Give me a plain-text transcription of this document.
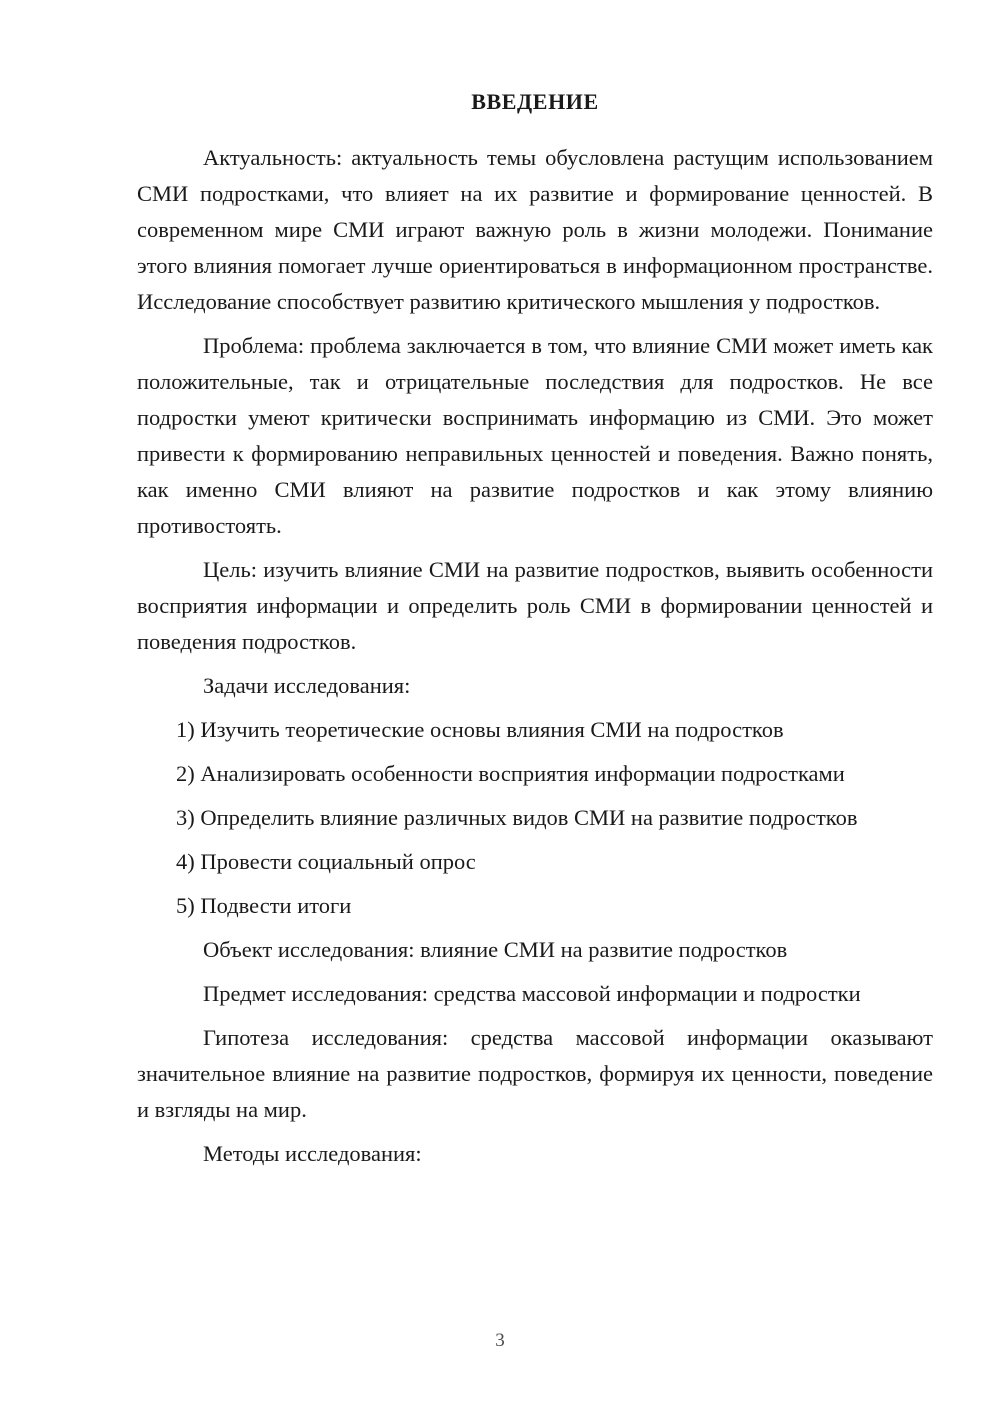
ВВЕДЕНИЕ

Актуальность: актуальность темы обусловлена растущим использованием СМИ подростками, что влияет на их развитие и формирование ценностей. В современном мире СМИ играют важную роль в жизни молодежи. Понимание этого влияния помогает лучше ориентироваться в информационном пространстве. Исследование способствует развитию критического мышления у подростков.

Проблема: проблема заключается в том, что влияние СМИ может иметь как положительные, так и отрицательные последствия для подростков. Не все подростки умеют критически воспринимать информацию из СМИ. Это может привести к формированию неправильных ценностей и поведения. Важно понять, как именно СМИ влияют на развитие подростков и как этому влиянию противостоять.

Цель: изучить влияние СМИ на развитие подростков, выявить особенности восприятия информации и определить роль СМИ в формировании ценностей и поведения подростков.

Задачи исследования:

1) Изучить теоретические основы влияния СМИ на подростков

2) Анализировать особенности восприятия информации подростками

3) Определить влияние различных видов СМИ на развитие подростков

4) Провести социальный опрос

5) Подвести итоги

Объект исследования: влияние СМИ на развитие подростков

Предмет исследования: средства массовой информации и подростки

Гипотеза исследования: средства массовой информации оказывают значительное влияние на развитие подростков, формируя их ценности, поведение и взгляды на мир.

Методы исследования:

3
